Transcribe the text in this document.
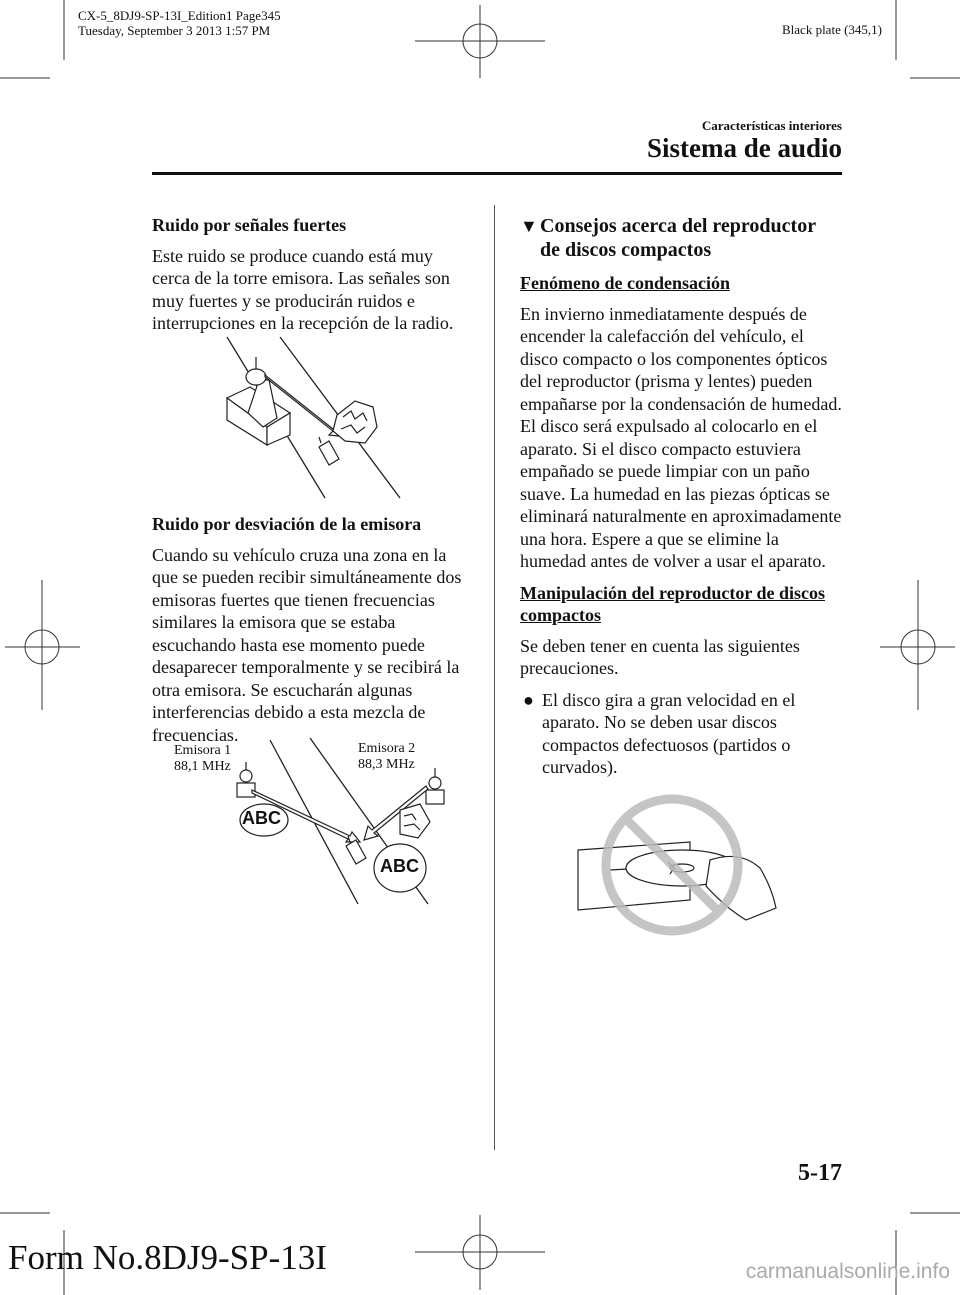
CX-5_8DJ9-SP-13I_Edition1 Page345
Tuesday, September 3 2013 1:57 PM	Black plate (345,1)
Características interiores
Sistema de audio

Ruido por señales fuertes

Este ruido se produce cuando está muy cerca de la torre emisora. Las señales son muy fuertes y se producirán ruidos e interrupciones en la recepción de la radio.

Ruido por desviación de la emisora

Cuando su vehículo cruza una zona en la que se pueden recibir simultáneamente dos emisoras fuertes que tienen frecuencias similares la emisora que se estaba escuchando hasta ese momento puede desaparecer temporalmente y se recibirá la otra emisora. Se escucharán algunas interferencias debido a esta mezcla de frecuencias.

Emisora 1
88,1 MHz
Emisora 2
88,3 MHz
ABC
ABC
▼ Consejos acerca del reproductor
de discos compactos

Fenómeno de condensación

En invierno inmediatamente después de encender la calefacción del vehículo, el disco compacto o los componentes ópticos del reproductor (prisma y lentes) pueden empañarse por la condensación de humedad. El disco será expulsado al colocarlo en el aparato. Si el disco compacto estuviera empañado se puede limpiar con un paño suave. La humedad en las piezas ópticas se eliminará naturalmente en aproximadamente una hora. Espere a que se elimine la humedad antes de volver a usar el aparato.

Manipulación del reproductor de discos compactos

Se deben tener en cuenta las siguientes precauciones.

● El disco gira a gran velocidad en el aparato. No se deben usar discos compactos defectuosos (partidos o curvados).
5-17
Form No.8DJ9-SP-13I	carmanualsonline.info
